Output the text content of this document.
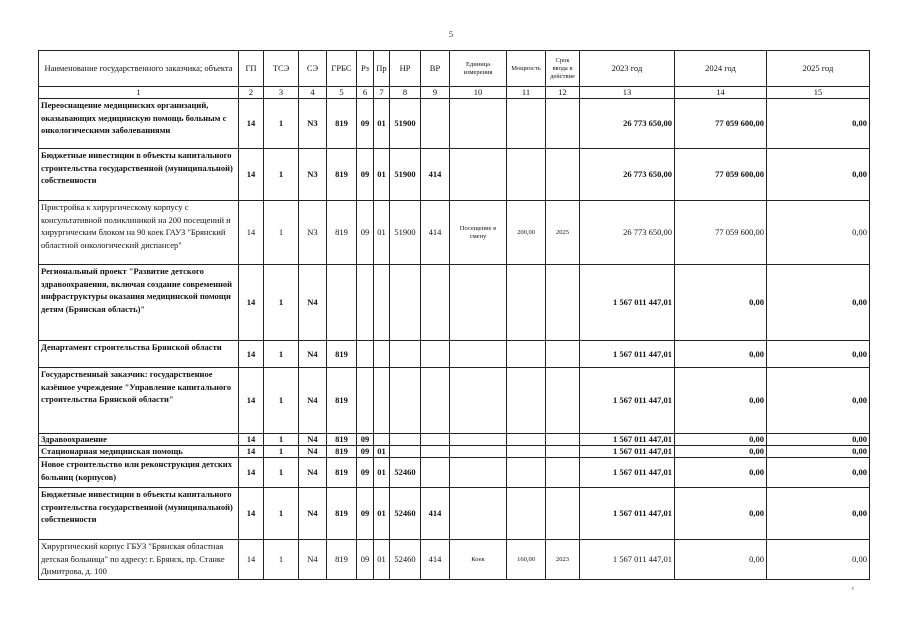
5
Наименование государственного заказчика; объекта	ГП	ТСЭ	СЭ	ГРБС	Рз	Пр	НР	ВР	Единица измерения	Мощность	Срок ввода в действие	2023 год	2024 год	2025 год
1	2	3	4	5	6	7	8	9	10	11	12	13	14	15
Переоснащение медицинских организаций, оказывающих медицинскую помощь больным с онкологическими заболеваниями	14	1	N3	819	09	01	51900					26 773 650,00	77 059 600,00	0,00
Бюджетные инвестиции в объекты капитального строительства государственной (муниципальной) собственности	14	1	N3	819	09	01	51900	414				26 773 650,00	77 059 600,00	0,00
Пристройка к хирургическому корпусу с консультативной поликлиникой на 200 посещений и хирургическим блоком на 90 коек ГАУЗ "Брянский областной онкологический диспансер"	14	1	N3	819	09	01	51900	414	Посещение в смену	200,00	2025	26 773 650,00	77 059 600,00	0,00
Региональный проект "Развитие детского здравоохранения, включая создание современной инфраструктуры оказания медицинской помощи детям (Брянская область)"	14	1	N4									1 567 011 447,01	0,00	0,00
Департамент строительства Брянской области	14	1	N4	819								1 567 011 447,01	0,00	0,00
Государственный заказчик: государственное казённое учреждение "Управление капитального строительства Брянской области"	14	1	N4	819								1 567 011 447,01	0,00	0,00
Здравоохранение	14	1	N4	819	09							1 567 011 447,01	0,00	0,00
Стационарная медицинская помощь	14	1	N4	819	09	01						1 567 011 447,01	0,00	0,00
Новое строительство или реконструкция детских больниц (корпусов)	14	1	N4	819	09	01	52460					1 567 011 447,01	0,00	0,00
Бюджетные инвестиции в объекты капитального строительства государственной (муниципальной) собственности	14	1	N4	819	09	01	52460	414				1 567 011 447,01	0,00	0,00
Хирургический корпус ГБУЗ "Брянская областная детская больница" по адресу: г. Брянск, пр. Станке Димитрова, д. 100	14	1	N4	819	09	01	52460	414	Коек	160,00	2023	1 567 011 447,01	0,00	0,00
ᵋ
